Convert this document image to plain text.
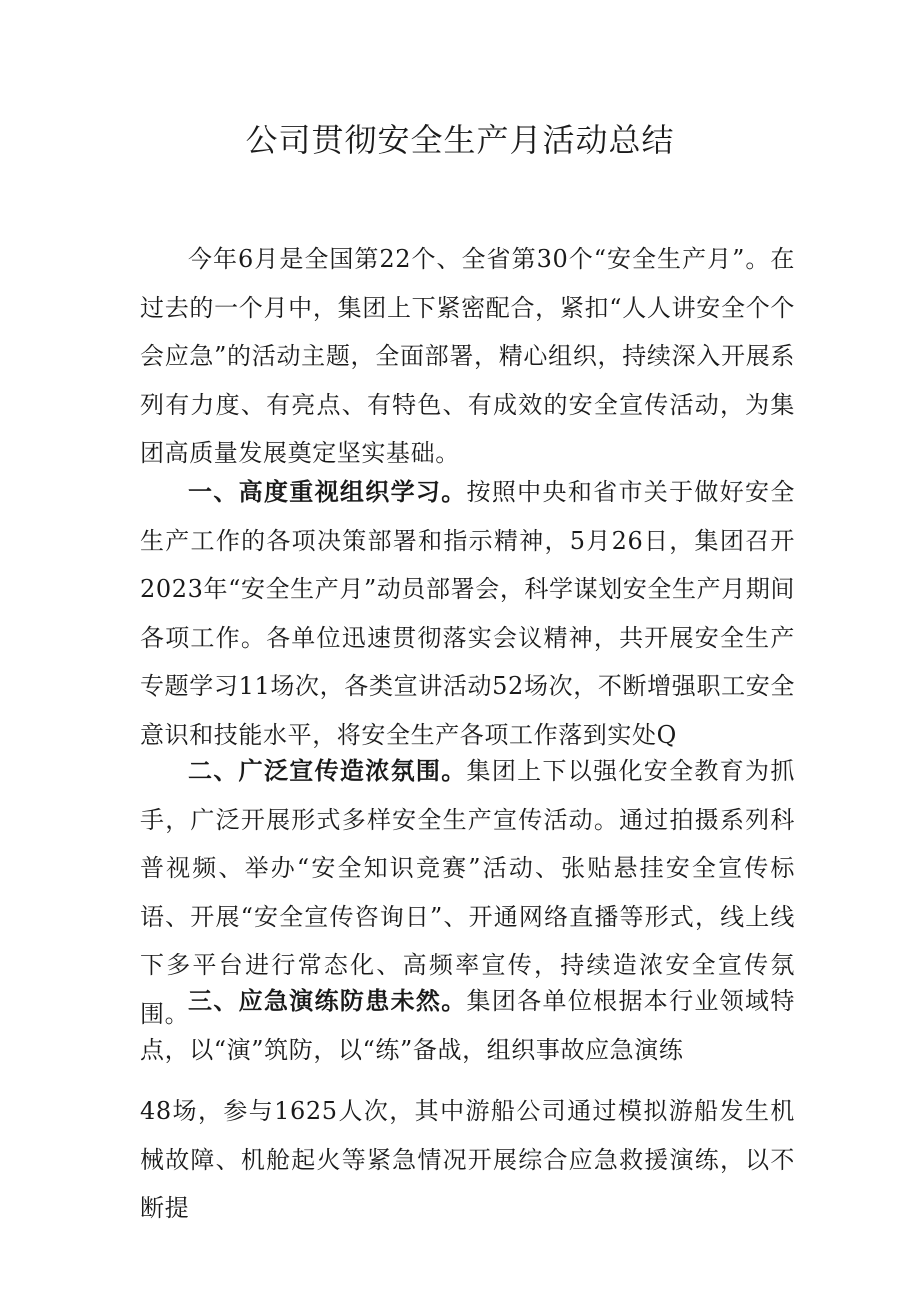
公司贯彻安全生产月活动总结

今年6月是全国第22个、全省第30个“安全生产月”。在过去的一个月中，集团上下紧密配合，紧扣“人人讲安全个个会应急”的活动主题，全面部署，精心组织，持续深入开展系列有力度、有亮点、有特色、有成效的安全宣传活动，为集团高质量发展奠定坚实基础。

一、高度重视组织学习。按照中央和省市关于做好安全生产工作的各项决策部署和指示精神，5月26日，集团召开2023年“安全生产月”动员部署会，科学谋划安全生产月期间各项工作。各单位迅速贯彻落实会议精神，共开展安全生产专题学习11场次，各类宣讲活动52场次，不断增强职工安全意识和技能水平，将安全生产各项工作落到实处Q

二、广泛宣传造浓氛围。集团上下以强化安全教育为抓手，广泛开展形式多样安全生产宣传活动。通过拍摄系列科普视频、举办“安全知识竞赛”活动、张贴悬挂安全宣传标语、开展“安全宣传咨询日”、开通网络直播等形式，线上线下多平台进行常态化、高频率宣传，持续造浓安全宣传氛围。

三、应急演练防患未然。集团各单位根据本行业领域特点，以“演”筑防，以“练”备战，组织事故应急演练

48场，参与1625人次，其中游船公司通过模拟游船发生机械故障、机舱起火等紧急情况开展综合应急救援演练，以不断提
